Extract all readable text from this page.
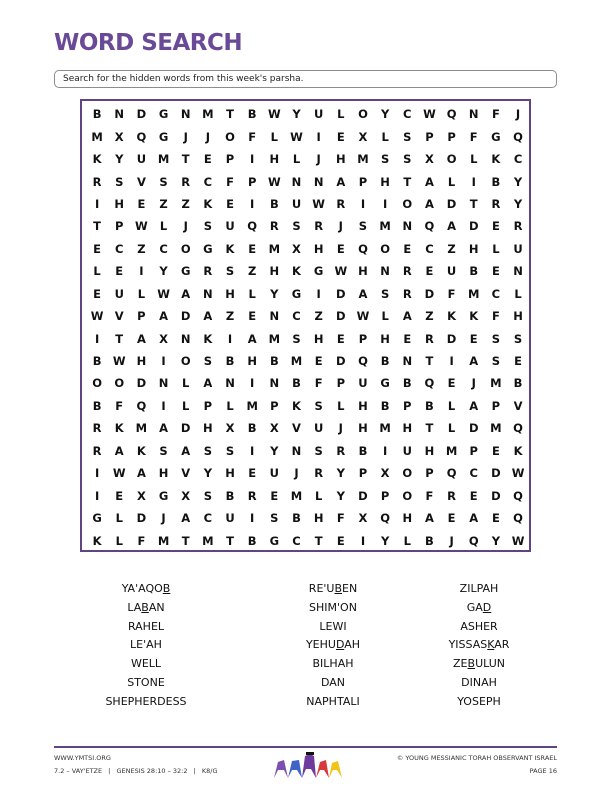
WORD SEARCH
Search for the hidden words from this week's parsha.
B	N	D	G	N	M	T	B W	Y	U	L	O	Y	C	W Q	N	F	J
M	X	Q	G	J	J	O	F	L	W	I	E	X	L	S	P	P	F	G	Q
K	Y	U	M	T	E	P	I	H	L	J	H	M	S	S	X	O	L	K	C
R	S	V	S	R	C	F	P	W N	N	A	P	H	T	A	L	I	B	Y
I	H	E	Z	Z	K	E	I	B	U W R	I	I	O	A	D	T	R	Y
T	P	W	L	J	S	U	Q	R	S	R	J	S	M	N	Q	A	D	E	R
E	C	Z	C	O	G	K	E	M	X	H	E	Q	O	E	C	Z	H	L	U
L	E	I	Y	G	R	S	Z	H	K	G W H	N	R	E	U	B	E	N
E	U	L	W A	N	H	L	Y	G	I	D	A	S	R	D	F	M	C	L
W V	P	A	D	A	Z	E	N	C	Z	D W	L	A	Z	K	K	F	H
I	T	A	X	N	K	I	A	M	S	H	E	P	H	E	R	D	E	S	S
B W H	I	O	S	B	H	B	M	E	D	Q	B	N	T	I	A	S	E
O	O	D	N	L	A	N	I	N	B	F	P	U	G	B	Q	E	J	M	B
B	F	Q	I	L	P	L	M	P	K	S	L	H	B	P	B	L	A	P	V
R	K	M	A	D	H	X	B	X	V	U	J	H	M	H	T	L	D	M	Q
R	A	K	S	A	S	S	I	Y	N	S	R	B	I	U	H	M	P	E	K
I	W A	H	V	Y	H	E	U	J	R	Y	P	X	O	P	Q	C	D W
I	E	X	G	X	S	B	R	E	M	L	Y	D	P	O	F	R	E	D	Q
G	L	D	J	A	C	U	I	S	B	H	F	X	Q	H	A	E	A	E	Q
K	L	F	M	T	M	T	B	G	C	T	E	I	Y	L	B	J	Q	Y	W
YA'AQOB
LABAN
RAHEL
LE'AH
WELL
STONE
SHEPHERDESS
RE'UBEN
SHIM'ON
LEWI
YEHUDAH
BILHAH
DAN
NAPHTALI
ZILPAH
GAD
ASHER
YISSASKAR
ZEBULUN
DINAH
YOSEPH
WWW.YMTSI.ORG
7.2 – VAY'ETZE | GENESIS 28:10 – 32:2 | K8/G
© YOUNG MESSIANIC TORAH OBSERVANT ISRAEL
PAGE 16
